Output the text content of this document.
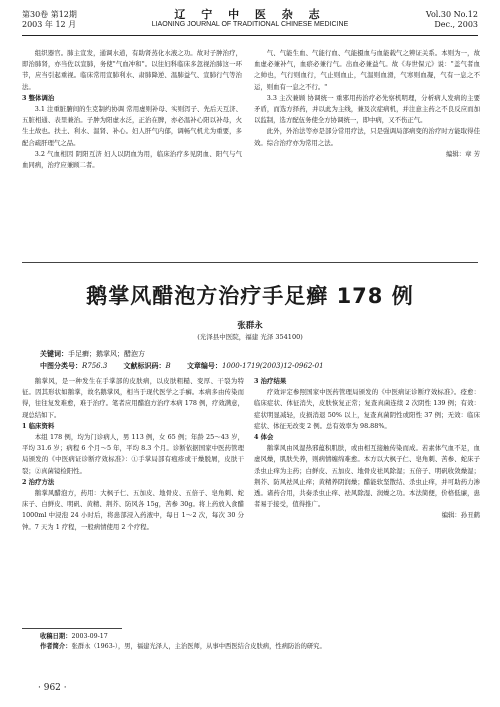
第30卷 第12期
2003 年 12 月
辽 宁 中 医 杂 志
LIAONING JOURNAL OF TRADITIONAL CHINESE MEDICINE
Vol.30 No.12
Dec., 2003

组织器官。肺主宣发，通调水道，有助肾蒸化水液之功。故对子肿治疗，即治肺肾，亦当佐以宣肺，务使"气血冲和"。以往妇科临床多忽视治肺这一环节，应当引起重视。临床常用宣肺利水、肃肺降逆、温肺益气、宣肺行气等治法。

3 整体调治

3.1 注重脏腑间的生克制约协调 常用虚则补母、实则泻子、先后天互济、五脏相通、表里兼治。子肿为阳虚水泛，正治在脾，亦必温补心阳以补母，火生土故也。扶土、利水、温肾、补心。妇人肝气内郁，调畅气机尤为重要，多配合疏肝理气之品。

3.2 气血相因 阴阳互济 妇人以阴血为用，临床治疗多见阴血、阳气与气血同病，治疗应兼顾二者。

气、气能生血、气能行血、气能摄血与血能载气之辨证关系。本则为一，故血虚必兼补气，血瘀必兼行气。出血必兼益气。故《寿世保元》说："盖气者血之帅也，气行则血行，气止则血止，气温则血滑，气寒则血凝，气有一息之不运，则血有一息之不行。"

3.3 主次兼顾 协调统一 重邪用药治疗必先察机明理，分析病人发病的主要矛盾，而选方择药，并以此为主线，兼及次症病机，并注意主药之不良反应而加以监制，选方配伍务使全方协调统一，即中病，又不伤正气。

此外，外治法等亦是部分常用疗法，只是强调局部病变的治疗时方能取得佳效。综合治疗亦为常用之法。

编辑：章 芳

鹅掌风醋泡方治疗手足癣 178 例
张群永
(光泽县中医院，福建 光泽 354100)
关键词：手足癣；鹅掌风；醋泡方
中图分类号：R756.3 文献标识码：B 文章编号：1000-1719(2003)12-0962-01

鹅掌风，是一种发生在手掌部的皮肤病，以皮肤粗糙、变厚、干裂为特征。因其形状如鹅掌，故名鹅掌风，相当于现代医学之手癣。本病多由传染而得，往往复发难愈，难于治疗。笔者应用醋泡方治疗本病 178 例，疗效满意，现总结如下。

1 临床资料

本组 178 例，均为门诊病人，男 113 例，女 65 例；年龄 25～43 岁，平均 31.6 岁；病程 6 个月～5 年，平均 8.3 个月。诊断依据国家中医药管理局颁发的《中医病证诊断疗效标准》：①手掌局部有疱疹或干燥脱屑，皮肤干裂；②真菌镜检阳性。

2 治疗方法

鹅掌风醋泡方，药用：大枫子仁、五加皮、地骨皮、五倍子、皂角刺、蛇床子、白鲜皮、明矾、黄精、荆芥、防风各 15g，苦参 30g。将上药放入食醋 1000ml 中浸泡 24 小时后，将患部浸入药液中，每日 1～2 次，每次 30 分钟。7 天为 1 疗程，一般病情使用 2 个疗程。

3 治疗结果

疗效评定参照国家中医药管理局颁发的《中医病证诊断疗效标准》。痊愈：临床症状、体征消失，皮肤恢复正常；复查真菌连续 2 次阴性 139 例；有效：症状明显减轻，皮损消退 50% 以上，复查真菌阴性或阳性 37 例；无效：临床症状、体征无改变 2 例。总有效率为 98.88%。

4 体会

鹅掌风由风湿热邪蕴积肌肤，或由相互接触传染而成。若素体气血不足，血虚风燥，肌肤失养，则病情缠绵难愈。本方以大枫子仁、皂角刺、苦参、蛇床子杀虫止痒为主药；白鲜皮、五加皮、地骨皮祛风除湿；五倍子、明矾收敛燥湿；荆芥、防风祛风止痒；黄精养阴润燥；醋能软坚散结、杀虫止痒，并可助药力渗透。诸药合用，共奏杀虫止痒、祛风除湿、润燥之功。本法简便，价格低廉，患者易于接受，值得推广。

编辑：孙丑鹤

收稿日期：2003-09-17
作者简介：张群永（1963-），男，福建光泽人，主治医师，从事中西医结合皮肤病，性病防治的研究。
· 962 ·
